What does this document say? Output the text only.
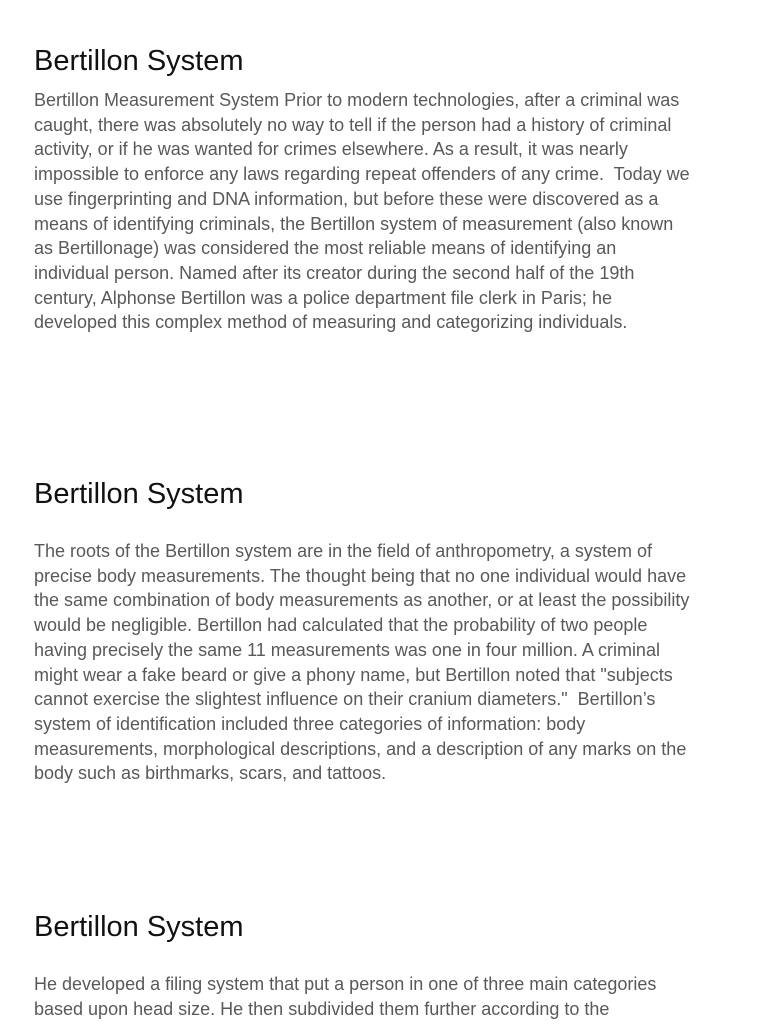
Bertillon System

Bertillon Measurement System Prior to modern technologies, after a criminal was
caught, there was absolutely no way to tell if the person had a history of criminal
activity, or if he was wanted for crimes elsewhere. As a result, it was nearly
impossible to enforce any laws regarding repeat offenders of any crime.  Today we
use fingerprinting and DNA information, but before these were discovered as a
means of identifying criminals, the Bertillon system of measurement (also known
as Bertillonage) was considered the most reliable means of identifying an
individual person. Named after its creator during the second half of the 19th
century, Alphonse Bertillon was a police department file clerk in Paris; he
developed this complex method of measuring and categorizing individuals.

Bertillon System

The roots of the Bertillon system are in the field of anthropometry, a system of
precise body measurements. The thought being that no one individual would have
the same combination of body measurements as another, or at least the possibility
would be negligible. Bertillon had calculated that the probability of two people
having precisely the same 11 measurements was one in four million. A criminal
might wear a fake beard or give a phony name, but Bertillon noted that "subjects
cannot exercise the slightest influence on their cranium diameters."  Bertillon’s
system of identification included three categories of information: body
measurements, morphological descriptions, and a description of any marks on the
body such as birthmarks, scars, and tattoos.

Bertillon System

He developed a filing system that put a person in one of three main categories
based upon head size. He then subdivided them further according to the
